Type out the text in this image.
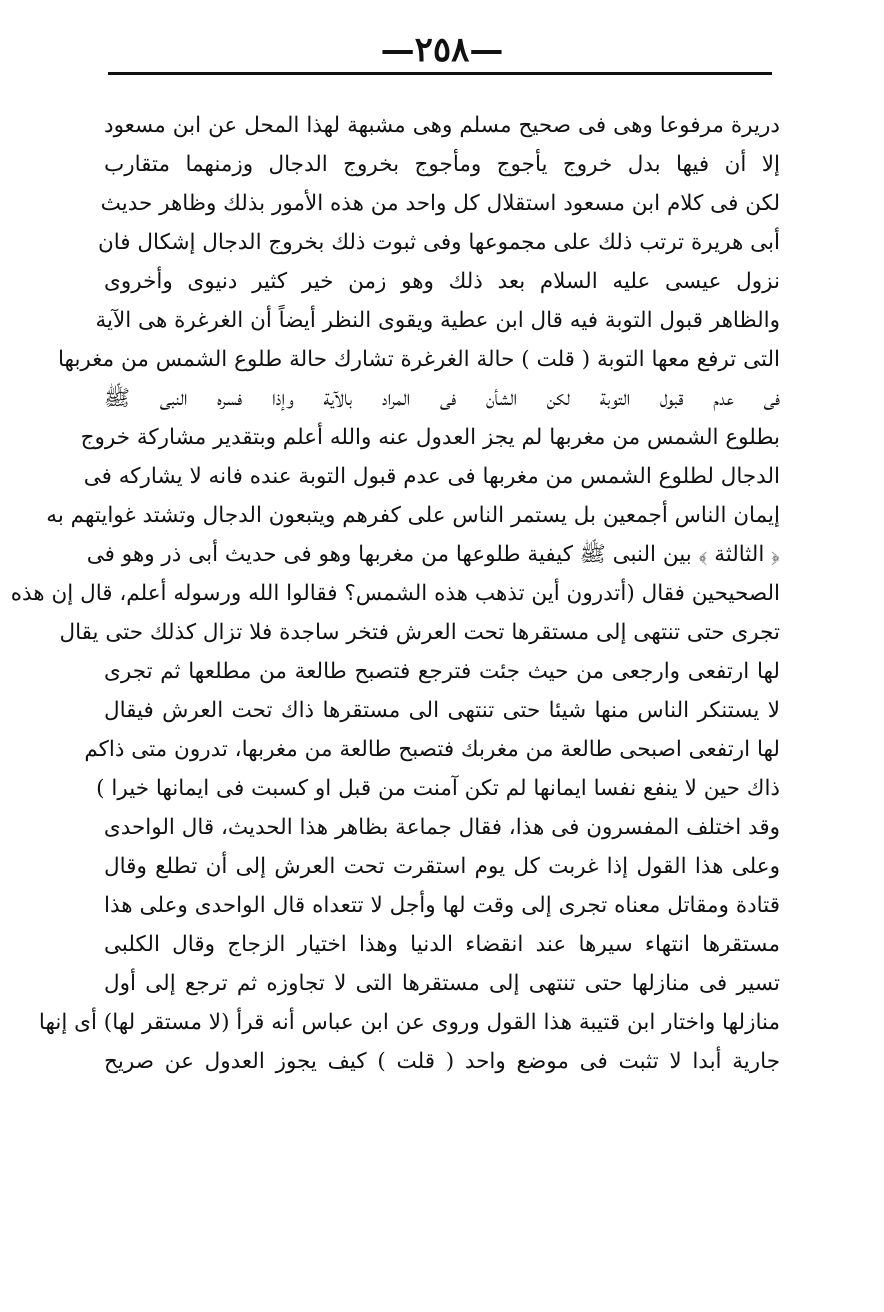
—٢٥٨—
دريرة مرفوعا وهى فى صحيح مسلم وهى مشبهة لهذا المحل عن ابن مسعود
إلا أن فيها بدل خروج يأجوج ومأجوج بخروج الدجال وزمنهما متقارب
لكن فى كلام ابن مسعود استقلال كل واحد من هذه الأمور بذلك وظاهر حديث
أبى هريرة ترتب ذلك على مجموعها وفى ثبوت ذلك بخروج الدجال إشكال فان
نزول عيسى عليه السلام بعد ذلك وهو زمن خير كثير دنيوى وأخروى
والظاهر قبول التوبة فيه قال ابن عطية ويقوى النظر أيضاً أن الغرغرة هى الآية
التى ترفع معها التوبة ( قلت ) حالة الغرغرة تشارك حالة طلوع الشمس من مغربها
فى عدم قبول التوبة لكن الشأن فى المراد بالآية وإذا فسره النبى ﷺ
بطلوع الشمس من مغربها لم يجز العدول عنه والله أعلم وبتقدير مشاركة خروج
الدجال لطلوع الشمس من مغربها فى عدم قبول التوبة عنده فانه لا يشاركه فى
إيمان الناس أجمعين بل يستمر الناس على كفرهم ويتبعون الدجال وتشتد غوايتهم به
﴿ الثالثة ﴾ بين النبى ﷺ كيفية طلوعها من مغربها وهو فى حديث أبى ذر وهو فى
الصحيحين فقال (أتدرون أين تذهب هذه الشمس؟ فقالوا الله ورسوله أعلم، قال إن هذه
تجرى حتى تنتهى إلى مستقرها تحت العرش فتخر ساجدة فلا تزال كذلك حتى يقال
لها ارتفعى وارجعى من حيث جئت فترجع فتصبح طالعة من مطلعها ثم تجرى
لا يستنكر الناس منها شيئا حتى تنتهى الى مستقرها ذاك تحت العرش فيقال
لها ارتفعى اصبحى طالعة من مغربك فتصبح طالعة من مغربها، تدرون متى ذاكم
ذاك حين لا ينفع نفسا ايمانها لم تكن آمنت من قبل او كسبت فى ايمانها خيرا )
وقد اختلف المفسرون فى هذا، فقال جماعة بظاهر هذا الحديث، قال الواحدى
وعلى هذا القول إذا غربت كل يوم استقرت تحت العرش إلى أن تطلع وقال
قتادة ومقاتل معناه تجرى إلى وقت لها وأجل لا تتعداه قال الواحدى وعلى هذا
مستقرها انتهاء سيرها عند انقضاء الدنيا وهذا اختيار الزجاج وقال الكلبى
تسير فى منازلها حتى تنتهى إلى مستقرها التى لا تجاوزه ثم ترجع إلى أول
منازلها واختار ابن قتيبة هذا القول وروى عن ابن عباس أنه قرأ (لا مستقر لها) أى إنها
جارية أبدا لا تثبت فى موضع واحد ( قلت ) كيف يجوز العدول عن صريح
